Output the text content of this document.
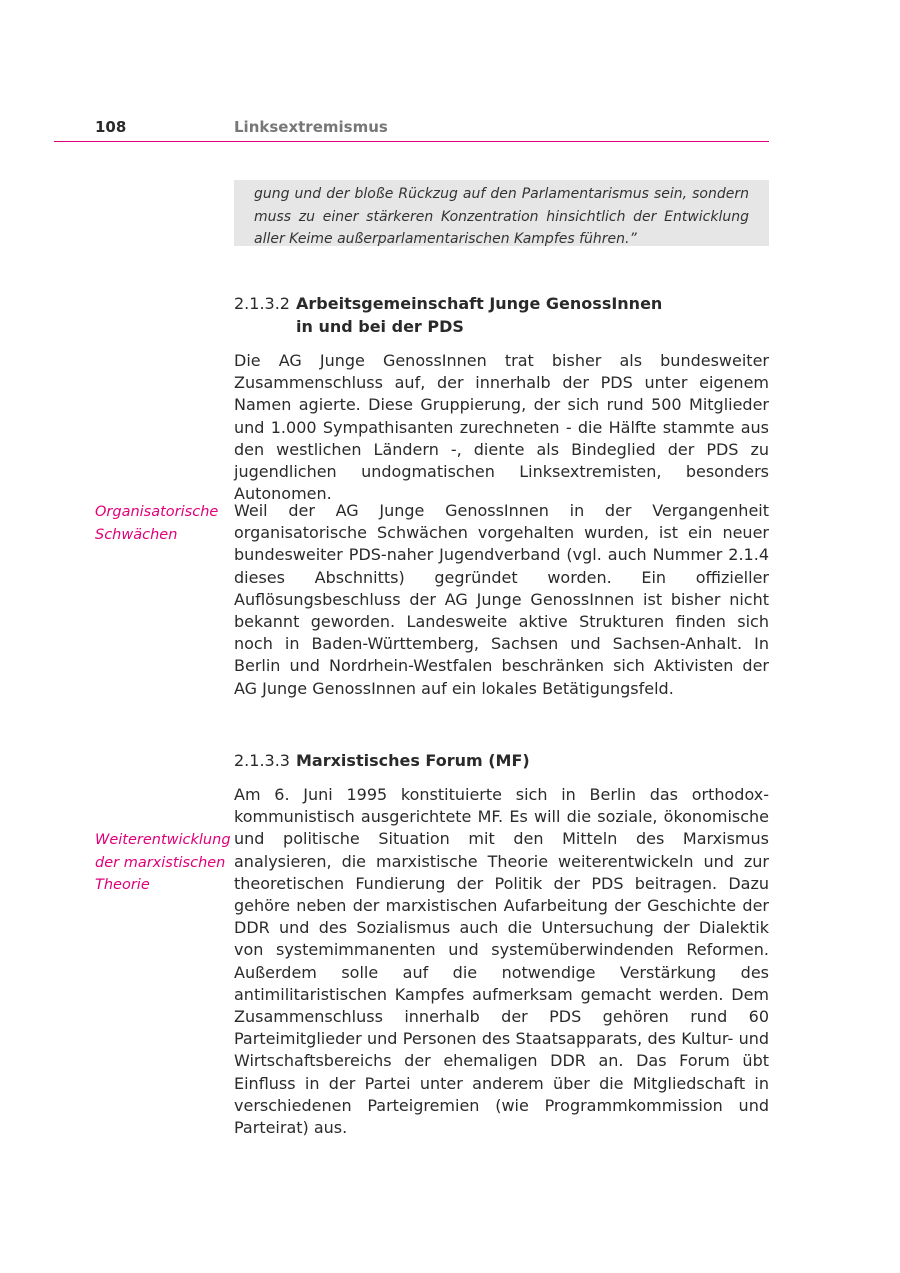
108	Linksextremismus

gung und der bloße Rückzug auf den Parlamentarismus sein, sondern muss zu einer stärkeren Konzentration hinsichtlich der Entwicklung aller Keime außerparlamentarischen Kampfes führen.”

2.1.3.2 Arbeitsgemeinschaft Junge GenossInnen
in und bei der PDS

Die AG Junge GenossInnen trat bisher als bundesweiter Zusammenschluss auf, der innerhalb der PDS unter eigenem Namen agierte. Diese Gruppierung, der sich rund 500 Mitglieder und 1.000 Sympathisanten zurechneten - die Hälfte stammte aus den westlichen Ländern -, diente als Bindeglied der PDS zu jugendlichen undogmatischen Linksextremisten, besonders Autonomen.

Organisatorische
Schwächen

Weil der AG Junge GenossInnen in der Vergangenheit organisatorische Schwächen vorgehalten wurden, ist ein neuer bundesweiter PDS-naher Jugendverband (vgl. auch Nummer 2.1.4 dieses Abschnitts) gegründet worden. Ein offizieller Auflösungsbeschluss der AG Junge GenossInnen ist bisher nicht bekannt geworden. Landesweite aktive Strukturen finden sich noch in Baden-Württemberg, Sachsen und Sachsen-Anhalt. In Berlin und Nordrhein-Westfalen beschränken sich Aktivisten der AG Junge GenossInnen auf ein lokales Betätigungsfeld.

2.1.3.3 Marxistisches Forum (MF)
Weiterentwicklung
der marxistischen
Theorie

Am 6. Juni 1995 konstituierte sich in Berlin das orthodox-kommunistisch ausgerichtete MF. Es will die soziale, ökonomische und politische Situation mit den Mitteln des Marxismus analysieren, die marxistische Theorie weiterentwickeln und zur theoretischen Fundierung der Politik der PDS beitragen. Dazu gehöre neben der marxistischen Aufarbeitung der Geschichte der DDR und des Sozialismus auch die Untersuchung der Dialektik von systemimmanenten und systemüberwindenden Reformen. Außerdem solle auf die notwendige Verstärkung des antimilitaristischen Kampfes aufmerksam gemacht werden. Dem Zusammenschluss innerhalb der PDS gehören rund 60 Parteimitglieder und Personen des Staatsapparats, des Kultur- und Wirtschaftsbereichs der ehemaligen DDR an. Das Forum übt Einfluss in der Partei unter anderem über die Mitgliedschaft in verschiedenen Parteigremien (wie Programmkommission und Parteirat) aus.
